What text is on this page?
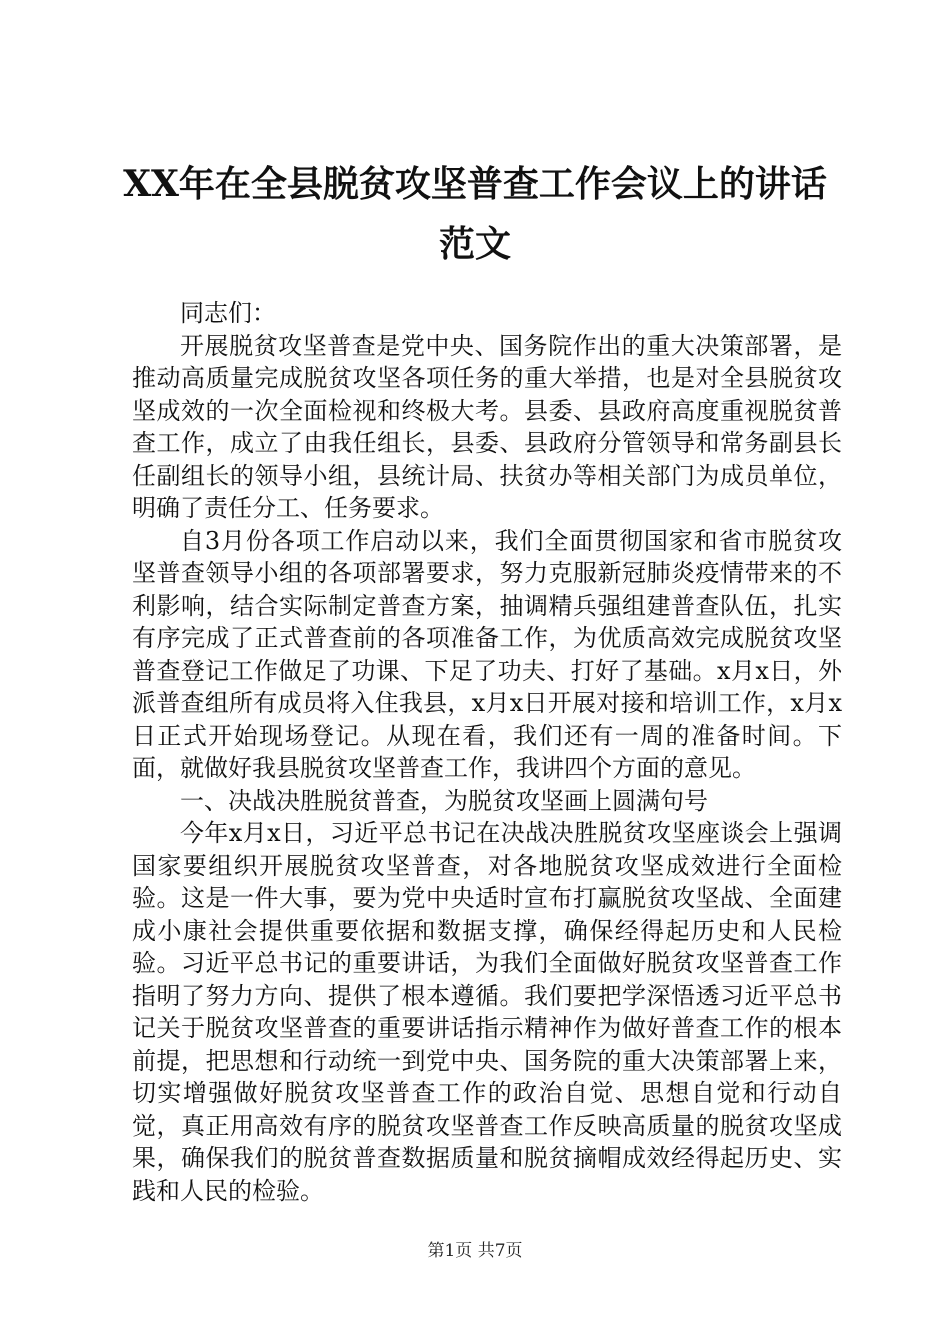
XX年在全县脱贫攻坚普查工作会议上的讲话
范文

同志们：

开展脱贫攻坚普查是党中央、国务院作出的重大决策部署，是推动高质量完成脱贫攻坚各项任务的重大举措，也是对全县脱贫攻坚成效的一次全面检视和终极大考。县委、县政府高度重视脱贫普查工作，成立了由我任组长，县委、县政府分管领导和常务副县长任副组长的领导小组，县统计局、扶贫办等相关部门为成员单位，明确了责任分工、任务要求。

自3月份各项工作启动以来，我们全面贯彻国家和省市脱贫攻坚普查领导小组的各项部署要求，努力克服新冠肺炎疫情带来的不利影响，结合实际制定普查方案，抽调精兵强组建普查队伍，扎实有序完成了正式普查前的各项准备工作，为优质高效完成脱贫攻坚普查登记工作做足了功课、下足了功夫、打好了基础。x月x日，外派普查组所有成员将入住我县，x月x日开展对接和培训工作，x月x日正式开始现场登记。从现在看，我们还有一周的准备时间。下面，就做好我县脱贫攻坚普查工作，我讲四个方面的意见。

一、决战决胜脱贫普查，为脱贫攻坚画上圆满句号

今年x月x日，习近平总书记在决战决胜脱贫攻坚座谈会上强调国家要组织开展脱贫攻坚普查，对各地脱贫攻坚成效进行全面检验。这是一件大事，要为党中央适时宣布打赢脱贫攻坚战、全面建成小康社会提供重要依据和数据支撑，确保经得起历史和人民检验。习近平总书记的重要讲话，为我们全面做好脱贫攻坚普查工作指明了努力方向、提供了根本遵循。我们要把学深悟透习近平总书记关于脱贫攻坚普查的重要讲话指示精神作为做好普查工作的根本前提，把思想和行动统一到党中央、国务院的重大决策部署上来，切实增强做好脱贫攻坚普查工作的政治自觉、思想自觉和行动自觉，真正用高效有序的脱贫攻坚普查工作反映高质量的脱贫攻坚成果，确保我们的脱贫普查数据质量和脱贫摘帽成效经得起历史、实践和人民的检验。

第1页 共7页
